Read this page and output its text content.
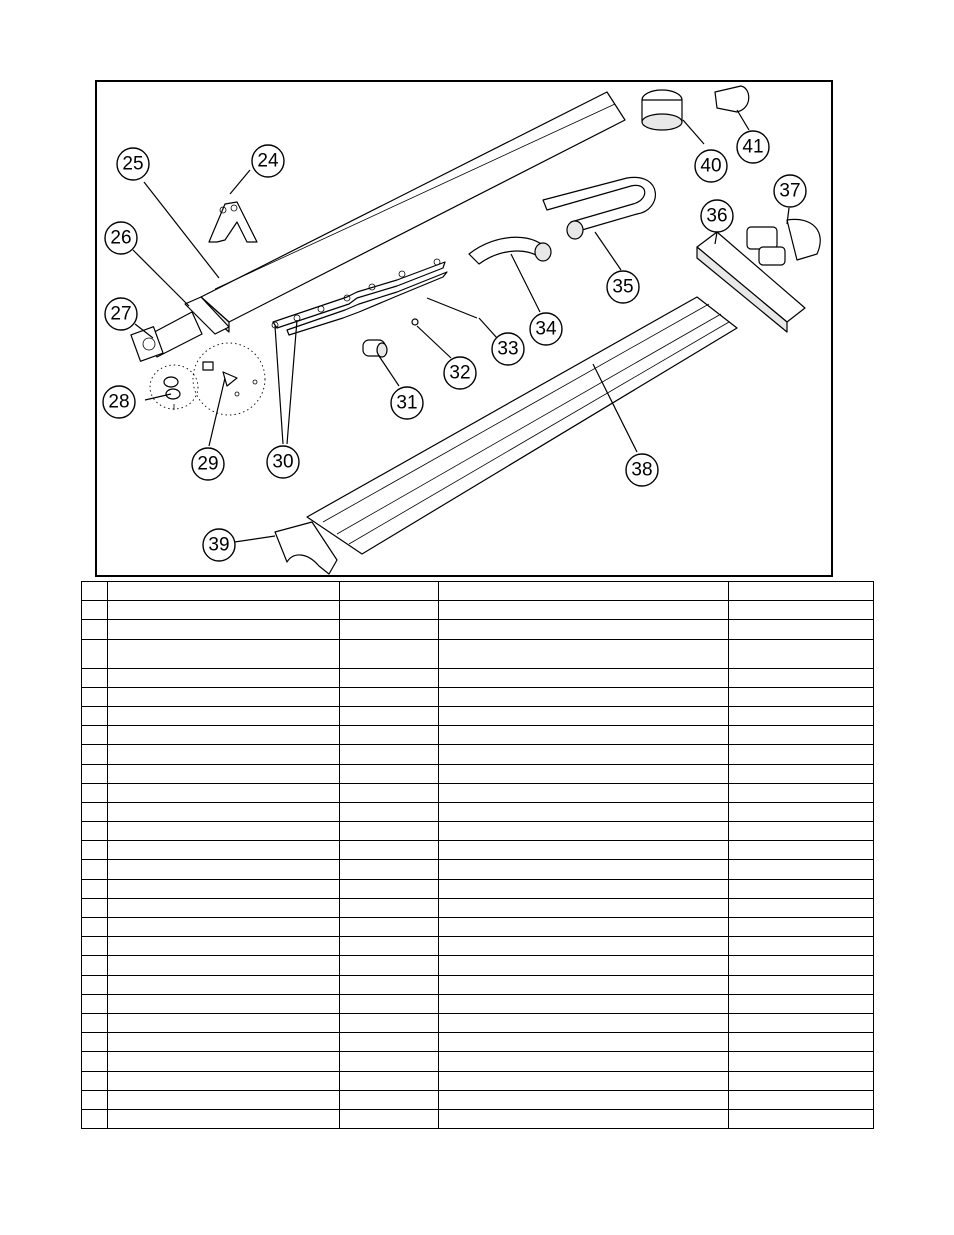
24
25
26
27
28
29	30
31
32
33
34
35
36
37
38
39
40
41
